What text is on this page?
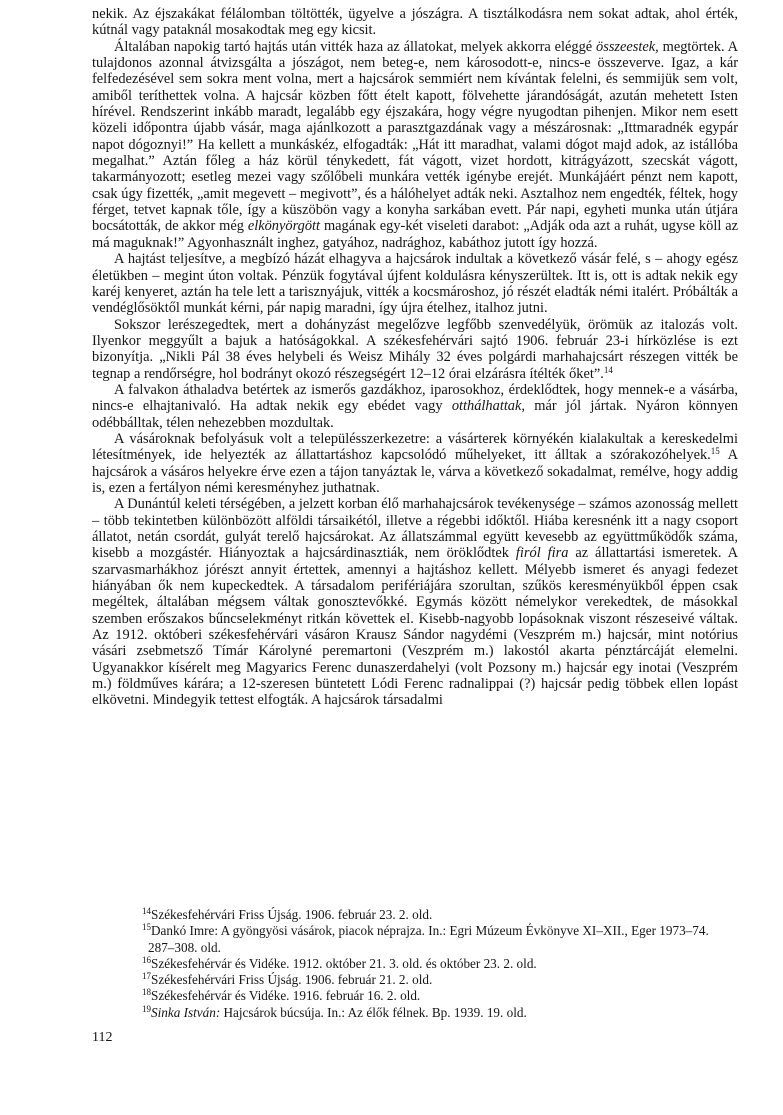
nekik. Az éjszakákat félálomban töltötték, ügyelve a jószágra. A tisztálkodásra nem sokat adtak, ahol érték, kútnál vagy pataknál mosakodtak meg egy kicsit.

Általában napokig tartó hajtás után vitték haza az állatokat, melyek akkorra eléggé összeestek, megtörtek. A tulajdonos azonnal átvizsgálta a jószágot, nem beteg-e, nem károsodott-e, nincs-e összeverve. Igaz, a kár felfedezésével sem sokra ment volna, mert a hajcsárok semmiért nem kívántak felelni, és semmijük sem volt, amiből teríthettek volna. A hajcsár közben főtt ételt kapott, fölvehette járandóságát, azután mehetett Isten hírével. Rendszerint inkább maradt, legalább egy éjszakára, hogy végre nyugodtan pihenjen. Mikor nem esett közeli időpontra újabb vásár, maga ajánlkozott a parasztgazdának vagy a mészárosnak: „Ittmaradnék egypár napot dógoznyi!” Ha kellett a munkáskéz, elfogadták: „Hát itt maradhat, valami dógot majd adok, az istállóba megalhat.” Aztán főleg a ház körül ténykedett, fát vágott, vizet hordott, kitrágyázott, szecskát vágott, takarmányozott; esetleg mezei vagy szőlőbeli munkára vették igénybe erejét. Munkájáért pénzt nem kapott, csak úgy fizették, „amit megevett – megivott”, és a hálóhelyet adták neki. Asztalhoz nem engedték, féltek, hogy férget, tetvet kapnak tőle, így a küszöbön vagy a konyha sarkában evett. Pár napi, egyheti munka után útjára bocsátották, de akkor még elkönyörgött magának egy-két viseleti darabot: „Adják oda azt a ruhát, ugyse köll az má maguknak!” Agyonhasznált inghez, gatyához, nadrághoz, kabáthoz jutott így hozzá.

A hajtást teljesítve, a megbízó házát elhagyva a hajcsárok indultak a következő vásár felé, s – ahogy egész életükben – megint úton voltak. Pénzük fogytával újfent koldulásra kényszerültek. Itt is, ott is adtak nekik egy karéj kenyeret, aztán ha tele lett a tarisznyájuk, vitték a kocsmároshoz, jó részét eladták némi italért. Próbálták a vendéglősöktől munkát kérni, pár napig maradni, így újra ételhez, italhoz jutni.

Sokszor lerészegedtek, mert a dohányzást megelőzve legfőbb szenvedélyük, örömük az italozás volt. Ilyenkor meggyűlt a bajuk a hatóságokkal. A székesfehérvári sajtó 1906. február 23-i hírközlése is ezt bizonyítja. „Nikli Pál 38 éves helybeli és Weisz Mihály 32 éves polgárdi marhahajcsárt részegen vitték be tegnap a rendőrségre, hol bodrányt okozó részegségért 12–12 órai elzárásra ítélték őket”.$^{14}$

A falvakon áthaladva betértek az ismerős gazdákhoz, iparosokhoz, érdeklődtek, hogy mennek-e a vásárba, nincs-e elhajtanivaló. Ha adtak nekik egy ebédet vagy otthálhattak, már jól jártak. Nyáron könnyen odébbálltak, télen nehezebben mozdultak.

A vásároknak befolyásuk volt a településszerkezetre: a vásárterek környékén kialakultak a kereskedelmi létesítmények, ide helyezték az állattartáshoz kapcsolódó műhelyeket, itt álltak a szórakozóhelyek.$^{15}$ A hajcsárok a vásáros helyekre érve ezen a tájon tanyáztak le, várva a következő sokadalmat, remélve, hogy addig is, ezen a fertályon némi keresményhez juthatnak.

A Dunántúl keleti térségében, a jelzett korban élő marhahajcsárok tevékenysége – számos azonosság mellett – több tekintetben különbözött alföldi társaikétól, illetve a régebbi időktől. Hiába keresnénk itt a nagy csoport állatot, netán csordát, gulyát terelő hajcsárokat. Az állatszámmal együtt kevesebb az együttműködők száma, kisebb a mozgástér. Hiányoztak a hajcsárdinasztiák, nem öröklődtek firól fira az állattartási ismeretek. A szarvasmarhákhoz jórészt annyit értettek, amennyi a hajtáshoz kellett. Mélyebb ismeret és anyagi fedezet hiányában ők nem kupeckedtek. A társadalom perifériájára szorultan, szűkös keresményükből éppen csak megéltek, általában mégsem váltak gonosztevőkké. Egymás között némelykor verekedtek, de másokkal szemben erőszakos bűncselekményt ritkán követtek el. Kisebb-nagyobb lopásoknak viszont részeseivé váltak. Az 1912. októberi székesfehérvári vásáron Krausz Sándor nagydémi (Veszprém m.) hajcsár, mint notórius vásári zsebmetsző Tímár Károlyné peremartoni (Veszprém m.) lakostól akarta pénztárcáját elemelni. Ugyanakkor kísérelt meg Magyarics Ferenc dunaszerdahelyi (volt Pozsony m.) hajcsár egy inotai (Veszprém m.) földműves kárára; a 12-szeresen büntetett Lódi Ferenc radnalippai (?) hajcsár pedig többek ellen lopást elkövetni. Mindegyik tettest elfogták. A hajcsárok társadalmi

$^{14}$Székesfehérvári Friss Újság. 1906. február 23. 2. old.
$^{15}$Dankó Imre: A gyöngyösi vásárok, piacok néprajza. In.: Egri Múzeum Évkönyve XI–XII., Eger 1973–74. 287–308. old.
$^{16}$Székesfehérvár és Vidéke. 1912. október 21. 3. old. és október 23. 2. old.
$^{17}$Székesfehérvári Friss Újság. 1906. február 21. 2. old.
$^{18}$Székesfehérvár és Vidéke. 1916. február 16. 2. old.
$^{19}$Sinka István: Hajcsárok búcsúja. In.: Az élők félnek. Bp. 1939. 19. old.
112
